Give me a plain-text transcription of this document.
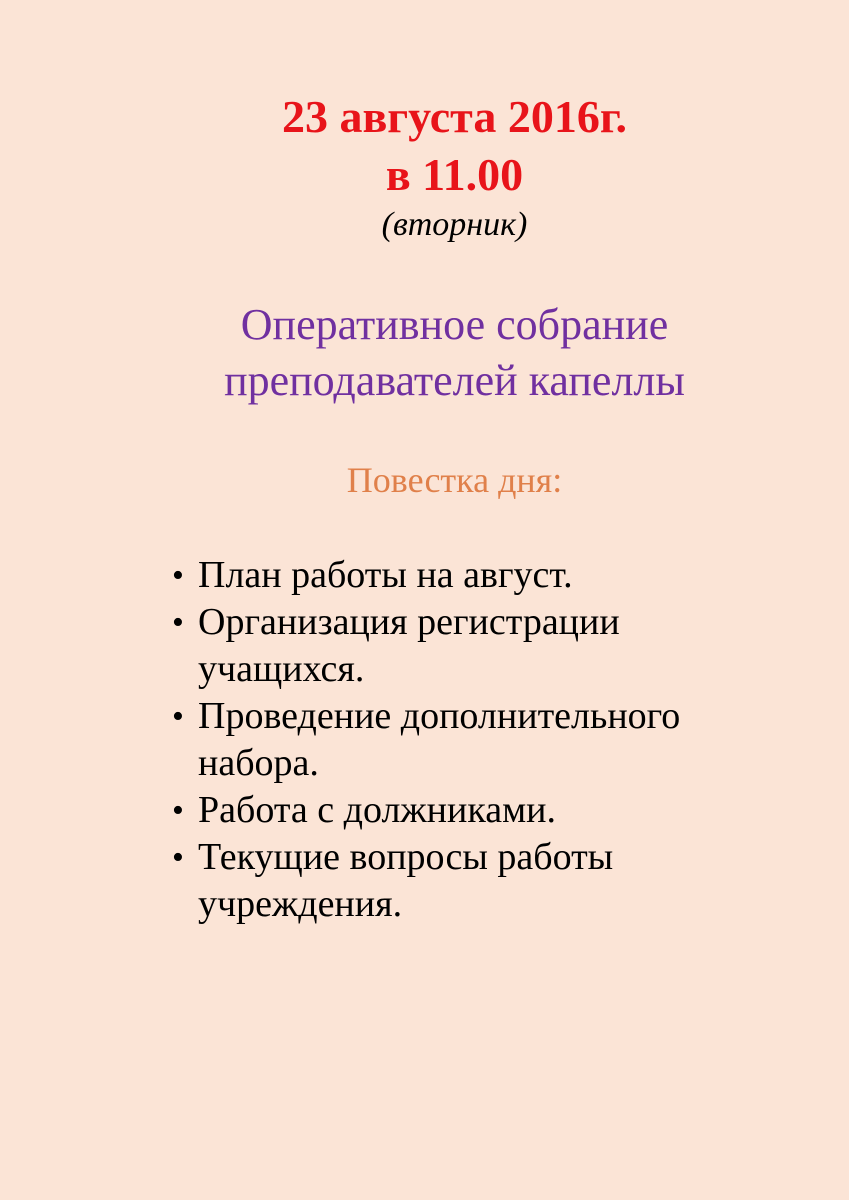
23 августа 2016г.
в 11.00
(вторник)
Оперативное собрание
преподавателей капеллы
Повестка дня:
• План работы на август.
• Организация регистрации учащихся.
• Проведение дополнительного набора.
• Работа с должниками.
• Текущие вопросы работы учреждения.
